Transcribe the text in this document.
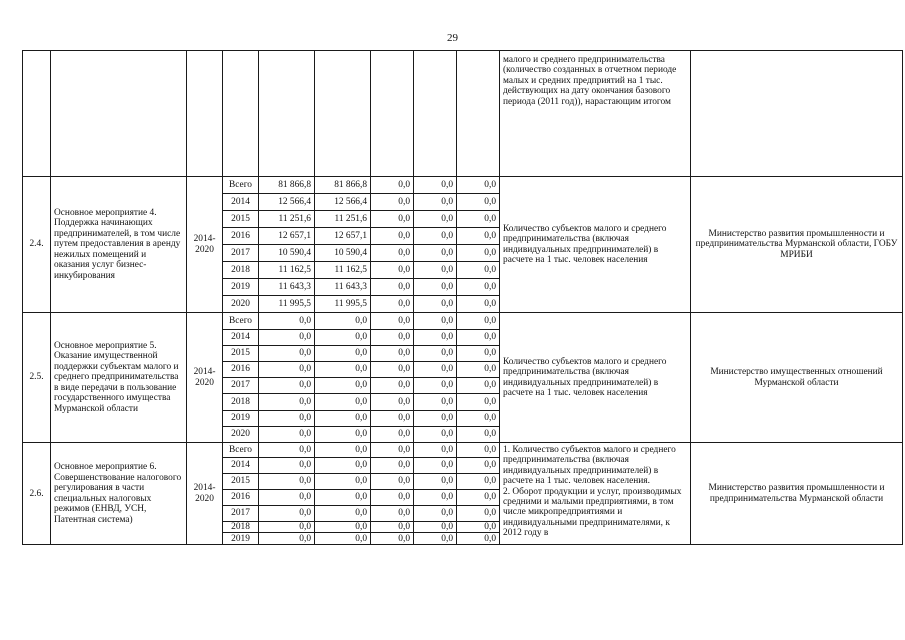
29
									малого и среднего предпринимательства (количество созданных в отчетном периоде малых и средних предприятий на 1 тыс. действующих на дату окончания базового периода (2011 год)), нарастающим итогом	
2.4.	Основное мероприятие 4. Поддержка начинающих предпринимателей, в том числе путем предоставления в аренду нежилых помещений и оказания услуг бизнес-инкубирования	2014-2020	Всего	81 866,8	81 866,8	0,0	0,0	0,0	Количество субъектов малого и среднего предпринимательства (включая индивидуальных предпринимателей) в расчете на 1 тыс. человек населения	Министерство развития промышленности и предпринимательства Мурманской области, ГОБУ МРИБИ
			2014	12 566,4	12 566,4	0,0	0,0	0,0		
			2015	11 251,6	11 251,6	0,0	0,0	0,0		
			2016	12 657,1	12 657,1	0,0	0,0	0,0		
			2017	10 590,4	10 590,4	0,0	0,0	0,0		
			2018	11 162,5	11 162,5	0,0	0,0	0,0		
			2019	11 643,3	11 643,3	0,0	0,0	0,0		
			2020	11 995,5	11 995,5	0,0	0,0	0,0		
2.5.	Основное мероприятие 5. Оказание имущественной поддержки субъектам малого и среднего предпринимательства в виде передачи в пользование государственного имущества Мурманской области	2014-2020	Всего	0,0	0,0	0,0	0,0	0,0	Количество субъектов малого и среднего предпринимательства (включая индивидуальных предпринимателей) в расчете на 1 тыс. человек населения	Министерство имущественных отношений Мурманской области
			2014	0,0	0,0	0,0	0,0	0,0		
			2015	0,0	0,0	0,0	0,0	0,0		
			2016	0,0	0,0	0,0	0,0	0,0		
			2017	0,0	0,0	0,0	0,0	0,0		
			2018	0,0	0,0	0,0	0,0	0,0		
			2019	0,0	0,0	0,0	0,0	0,0		
			2020	0,0	0,0	0,0	0,0	0,0		
2.6.	Основное мероприятие 6. Совершенствование налогового регулирования в части специальных налоговых режимов (ЕНВД, УСН, Патентная система)	2014-2020	Всего	0,0	0,0	0,0	0,0	0,0	1. Количество субъектов малого и среднего предпринимательства (включая индивидуальных предпринимателей) в расчете на 1 тыс. человек населения.
2. Оборот продукции и услуг, производимых средними и малыми предприятиями, в том числе микропредприятиями и индивидуальными предпринимателями, к 2012 году в	Министерство развития промышленности и предпринимательства Мурманской области
			2014	0,0	0,0	0,0	0,0	0,0		
			2015	0,0	0,0	0,0	0,0	0,0		
			2016	0,0	0,0	0,0	0,0	0,0		
			2017	0,0	0,0	0,0	0,0	0,0		
			2018	0,0	0,0	0,0	0,0	0,0		
			2019	0,0	0,0	0,0	0,0	0,0		
